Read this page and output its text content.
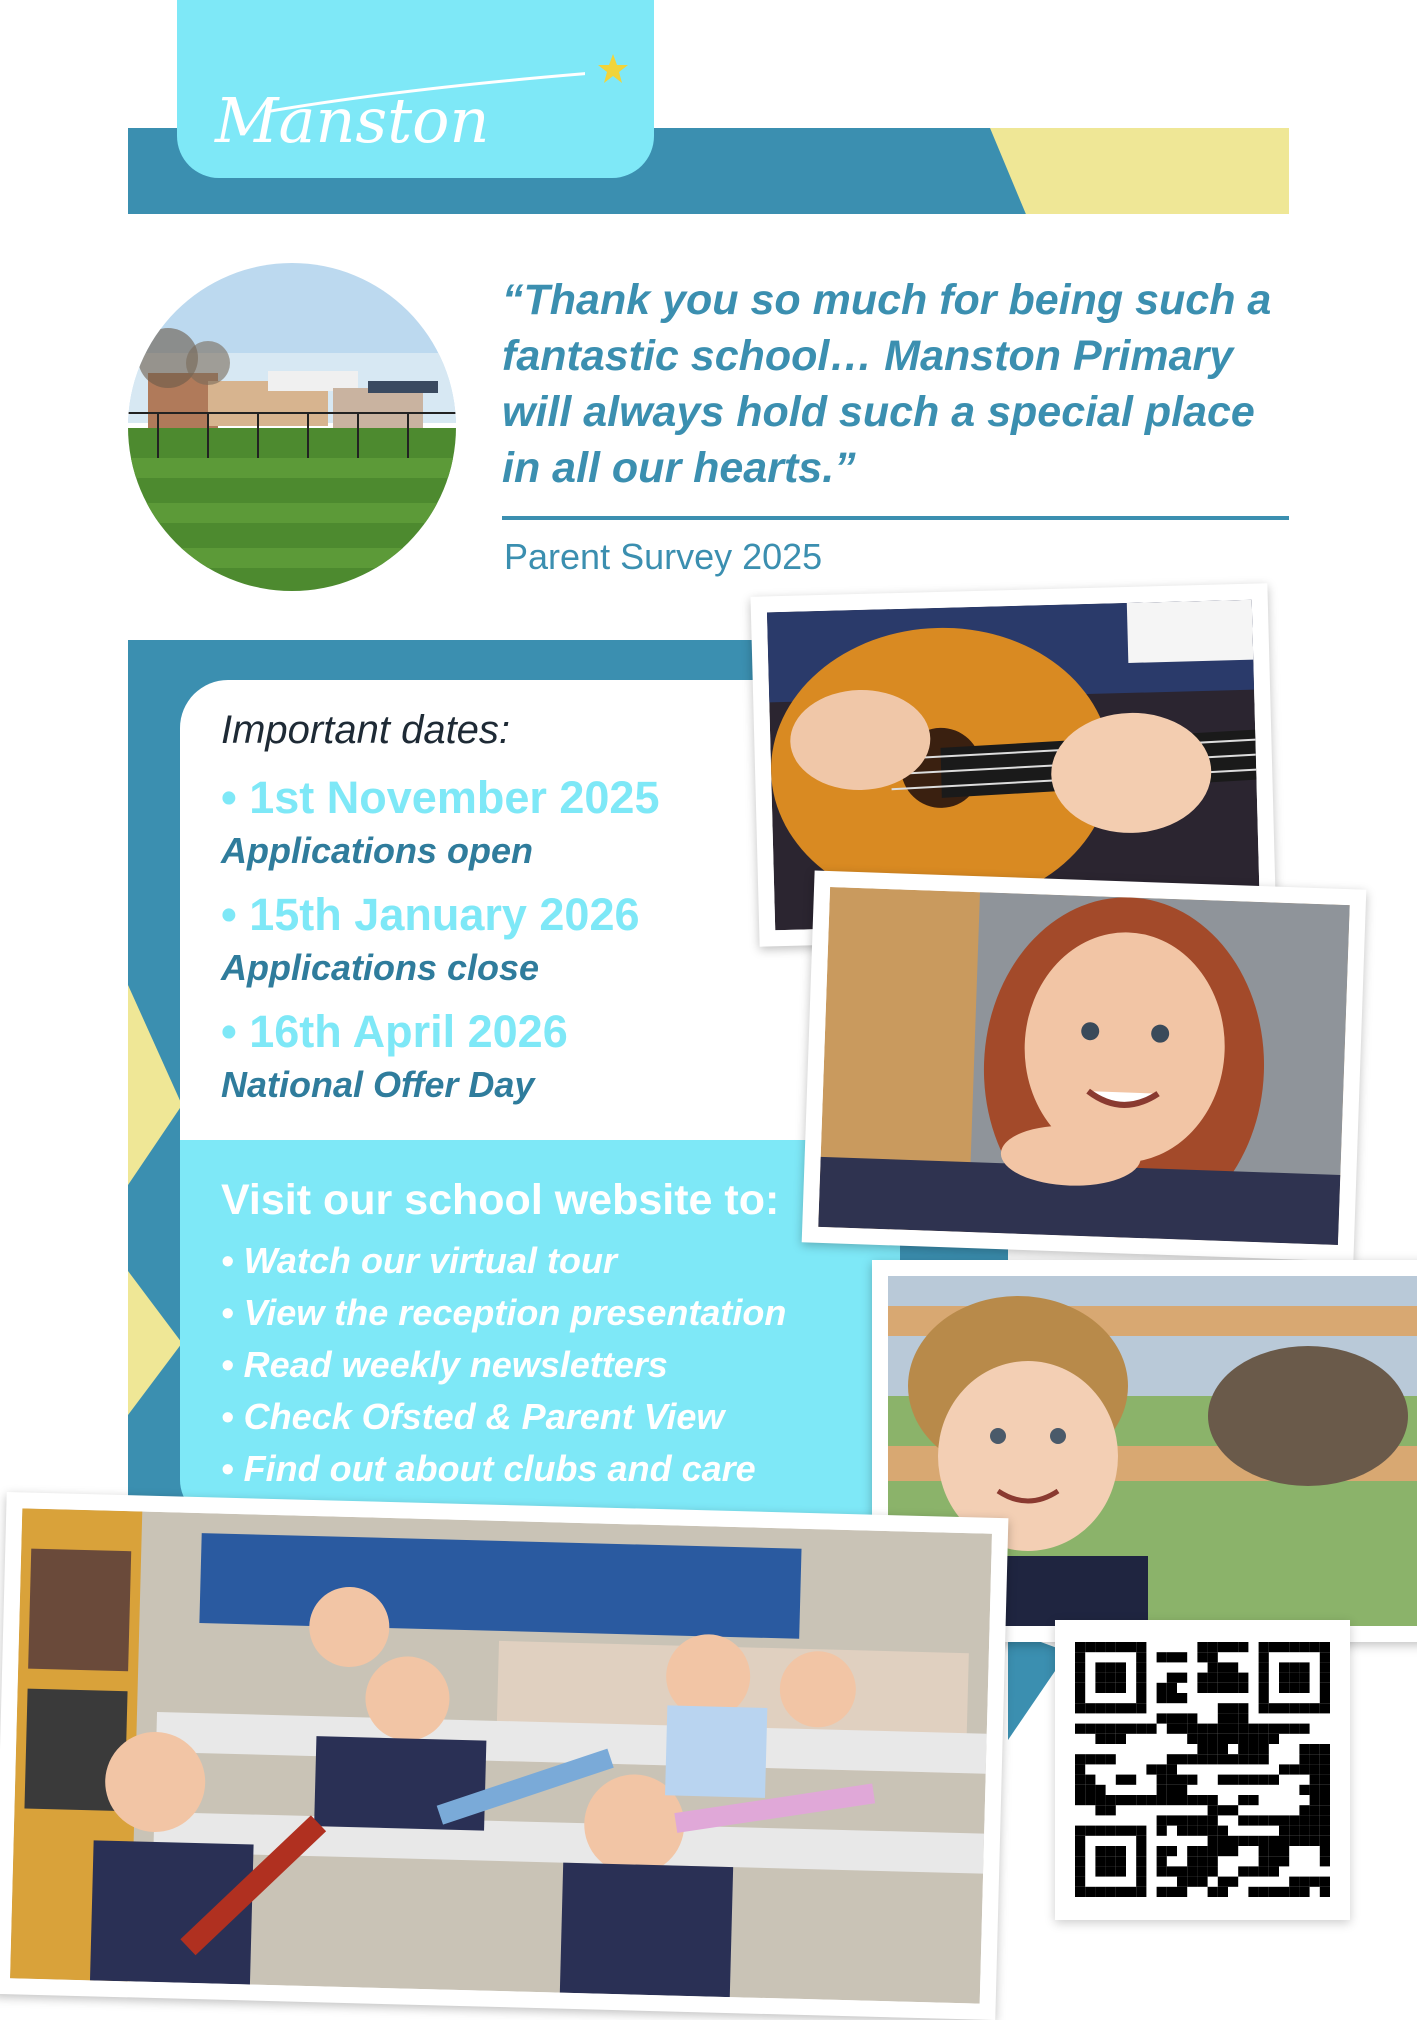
Manston
“Thank you so much for being such a
fantastic school… Manston Primary
will always hold such a special place
in all our hearts.”
Parent Survey 2025
Important dates:
• 1st November 2025
Applications open
• 15th January 2026
Applications close
• 16th April 2026
National Offer Day
Visit our school website to:
• Watch our virtual tour
• View the reception presentation
• Read weekly newsletters
• Check Ofsted & Parent View
• Find out about clubs and care
